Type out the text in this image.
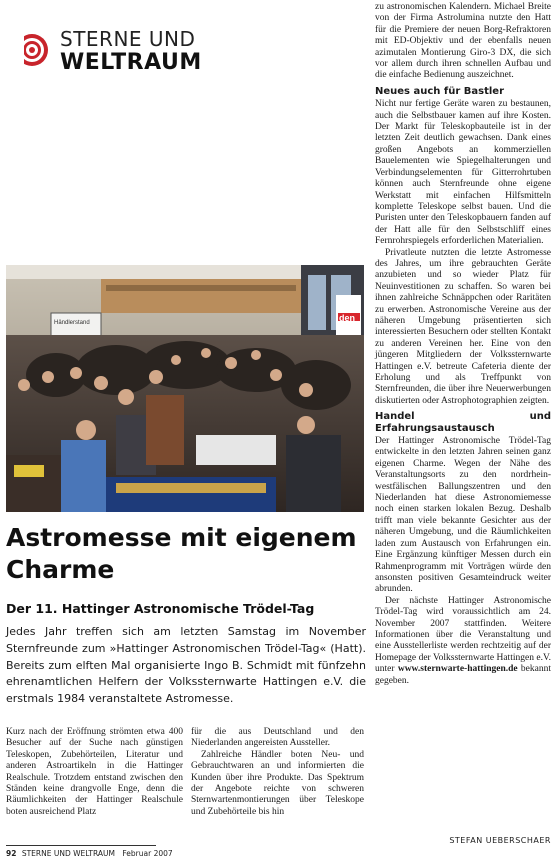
STERNE UND
WELTRAUM
Händlerstand	den
Astromesse mit eigenem Charme
Der 11. Hattinger Astronomische Trödel-Tag
Jedes Jahr treffen sich am letzten Samstag im November Sternfreunde zum »Hattinger Astronomischen Trödel-Tag« (Hatt). Bereits zum elften Mal organisierte Ingo B. Schmidt mit fünfzehn ehrenamtlichen Helfern der Volkssternwarte Hattingen e.V. die erstmals 1984 veranstaltete Astromesse.

Kurz nach der Eröffnung strömten etwa 400 Besucher auf der Suche nach günstigen Teleskopen, Zubehörteilen, Literatur und anderen Astroartikeln in die Hattinger Realschule. Trotzdem entstand zwischen den Ständen keine drangvolle Enge, denn die Räumlichkeiten der Hattinger Realschule boten ausreichend Platz

für die aus Deutschland und den Niederlanden angereisten Aussteller.

Zahlreiche Händler boten Neu- und Gebrauchtwaren an und informierten die Kunden über ihre Produkte. Das Spektrum der Angebote reichte von schweren Sternwartenmontierungen über Teleskope und Zubehörteile bis hin

zu astronomischen Kalendern. Michael Breite von der Firma Astrolumina nutzte den Hatt für die Premiere der neuen Borg-Refraktoren mit ED-Objektiv und der ebenfalls neuen azimutalen Montierung Giro-3 DX, die sich vor allem durch ihren schnellen Aufbau und die einfache Bedienung auszeichnet.

Neues auch für Bastler

Nicht nur fertige Geräte waren zu bestaunen, auch die Selbstbauer kamen auf ihre Kosten. Der Markt für Teleskopbauteile ist in der letzten Zeit deutlich gewachsen. Dank eines großen Angebots an kommerziellen Bauelementen wie Spiegelhalterungen und Verbindungselementen für Gitterrohrtuben können auch Sternfreunde ohne eigene Werkstatt mit einfachen Hilfsmitteln komplette Teleskope selbst bauen. Und die Puristen unter den Teleskopbauern fanden auf der Hatt alle für den Selbstschliff eines Fernrohrspiegels erforderlichen Materialien.

Privatleute nutzten die letzte Astromesse des Jahres, um ihre gebrauchten Geräte anzubieten und so wieder Platz für Neuinvestitionen zu schaffen. So waren bei ihnen zahlreiche Schnäppchen oder Raritäten zu erwerben. Astronomische Vereine aus der näheren Umgebung präsentierten sich interessierten Besuchern oder stellten Kontakt zu anderen Vereinen her. Eine von den jüngeren Mitgliedern der Volkssternwarte Hattingen e.V. betreute Cafeteria diente der Erholung und als Treffpunkt von Sternfreunden, die über ihre Neuerwerbungen diskutierten oder Astrophotographien zeigten.

Handel und Erfahrungsaustausch

Der Hattinger Astronomische Trödel-Tag entwickelte in den letzten Jahren seinen ganz eigenen Charme. Wegen der Nähe des Veranstaltungsorts zu den nordrhein-westfälischen Ballungszentren und den Niederlanden hat diese Astronomiemesse noch einen starken lokalen Bezug. Deshalb trifft man viele bekannte Gesichter aus der näheren Umgebung, und die Räumlichkeiten laden zum Austausch von Erfahrungen ein. Eine Ergänzung künftiger Messen durch ein Rahmenprogramm mit Vorträgen würde den ansonsten positiven Gesamteindruck weiter abrunden.

Der nächste Hattinger Astronomische Trödel-Tag wird voraussichtlich am 24. November 2007 stattfinden. Weitere Informationen über die Veranstaltung und eine Ausstellerliste werden rechtzeitig auf der Homepage der Volkssternwarte Hattingen e.V. unter www.sternwarte-hattingen.de bekannt gegeben.

STEFAN UEBERSCHAER
92 STERNE UND WELTRAUM Februar 2007
